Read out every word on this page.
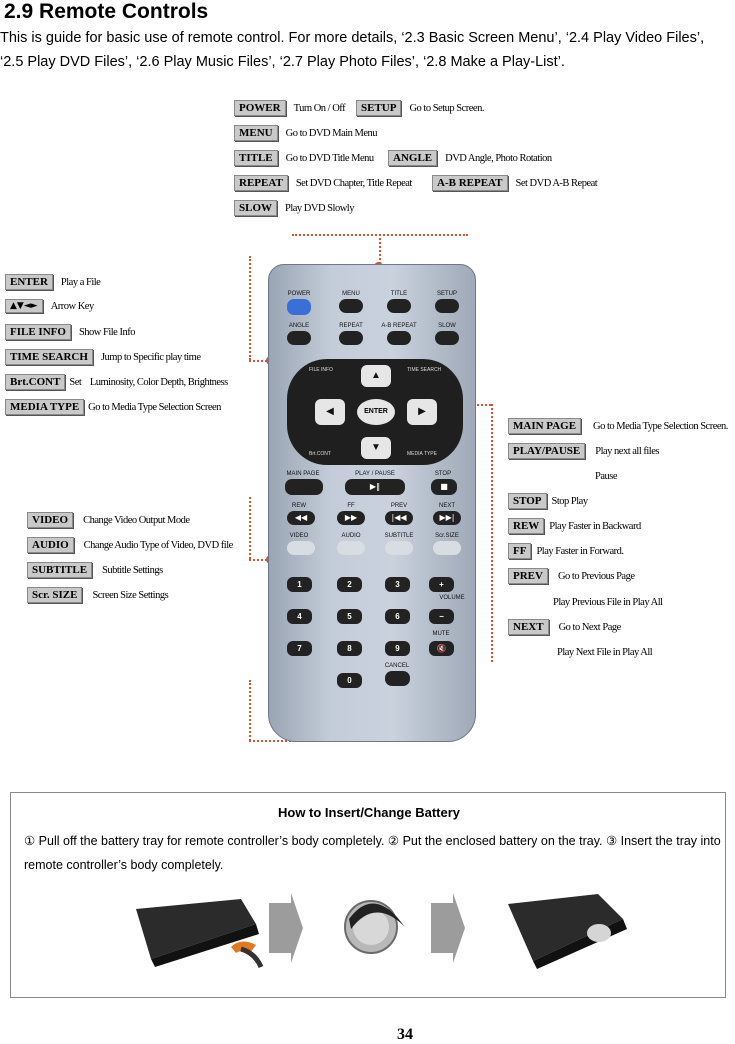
2.9 Remote Controls
This is guide for basic use of remote control. For more details, ‘2.3 Basic Screen Menu’, ‘2.4 Play Video Files’, ‘2.5 Play DVD Files’, ‘2.6 Play Music Files’, ‘2.7 Play Photo Files’, ‘2.8 Make a Play-List’.
POWER	Turn On / Off	SETUP	Go to Setup Screen.
MENU	Go to DVD Main Menu
TITLE	Go to DVD Title Menu	ANGLE	DVD Angle, Photo Rotation
REPEAT	Set DVD Chapter, Title Repeat	A-B REPEAT	Set DVD A-B Repeat
SLOW	Play DVD Slowly
ENTER	Play a File
▲▼◄►	Arrow Key
FILE INFO	Show File Info
TIME SEARCH	Jump to Specific play time
Brt.CONT Set    Luminosity, Color Depth, Brightness
MEDIA TYPE Go to Media Type Selection Screen
VIDEO	Change Video Output Mode
AUDIO	Change Audio Type of Video, DVD file
SUBTITLE	Subtitle Settings
Scr. SIZE	Screen Size Settings
MAIN PAGE	Go to Media Type Selection Screen.
PLAY/PAUSE	Play next all files
Pause
STOP Stop Play
REW Play Faster in Backward
FF Play Faster in Forward.
PREV	Go to Previous Page
Play Previous File in Play All
NEXT	Go to Next Page
Play Next File in Play All
POWER	MENU	TITLE	SETUP
ANGLE	REPEAT	A-B REPEAT	SLOW
FILE INFO	TIME SEARCH
Brt.CONT	MEDIA TYPE
▲
▼
◀	▶
ENTER
MAIN PAGE	PLAY / PAUSE	STOP
▶‖	■
REW	FF	PREV	NEXT
◀◀	▶▶	|◀◀	▶▶|
VIDEO	AUDIO	SUBTITLE	Scr.SIZE
1	2	3
4	5	6
7	8	9
0
+
VOLUME
−
MUTE
🔇
CANCEL
How to Insert/Change Battery
① Pull off the battery tray for remote controller’s body completely. ② Put the enclosed battery on the tray. ③ Insert the tray into remote controller’s body completely.
34
